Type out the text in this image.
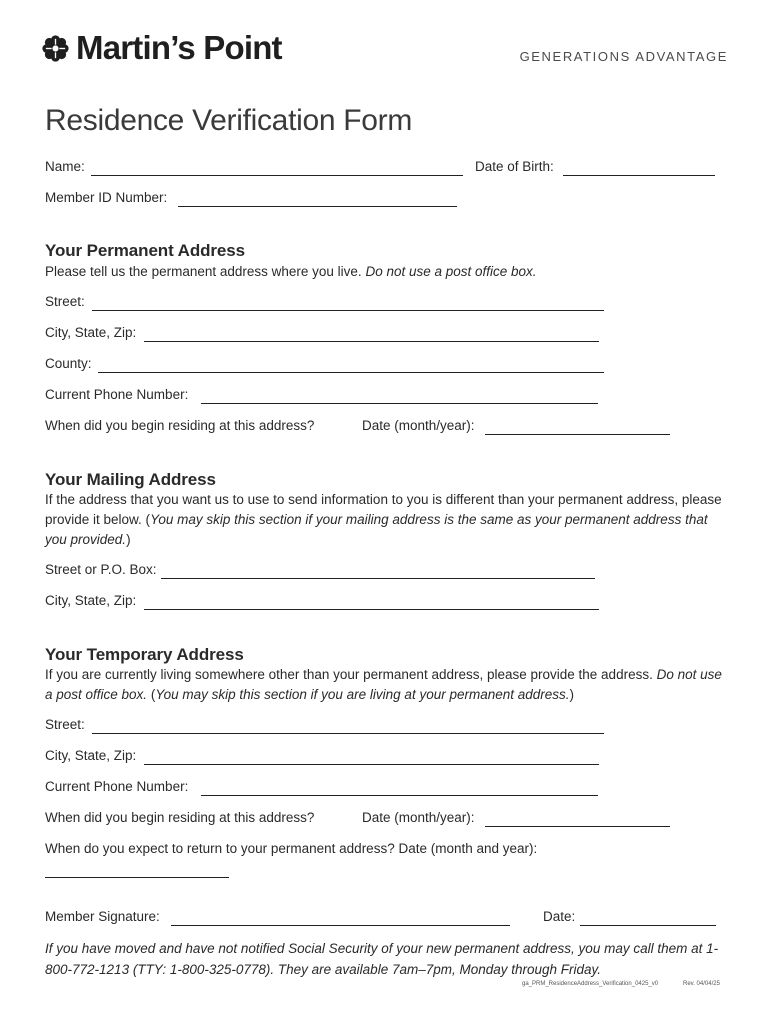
Martin’s Point	GENERATIONS ADVANTAGE
Residence Verification Form
Name:	Date of Birth:
Member ID Number:
Your Permanent Address
Please tell us the permanent address where you live. Do not use a post office box.
Street:
City, State, Zip:
County:
Current Phone Number:
When did you begin residing at this address?	Date (month/year):
Your Mailing Address
If the address that you want us to use to send information to you is different than your permanent address, please provide it below. (You may skip this section if your mailing address is the same as your permanent address that you provided.)
Street or P.O. Box:
City, State, Zip:
Your Temporary Address
If you are currently living somewhere other than your permanent address, please provide the address. Do not use a post office box. (You may skip this section if you are living at your permanent address.)
Street:
City, State, Zip:
Current Phone Number:
When did you begin residing at this address?	Date (month/year):
When do you expect to return to your permanent address? Date (month and year):
Member Signature:	Date:
If you have moved and have not notified Social Security of your new permanent address, you may call them at 1-800-772-1213 (TTY: 1-800-325-0778). They are available 7am–7pm, Monday through Friday.
ga_PRM_ResidenceAddress_Verification_0425_v0	Rev. 04/04/25
